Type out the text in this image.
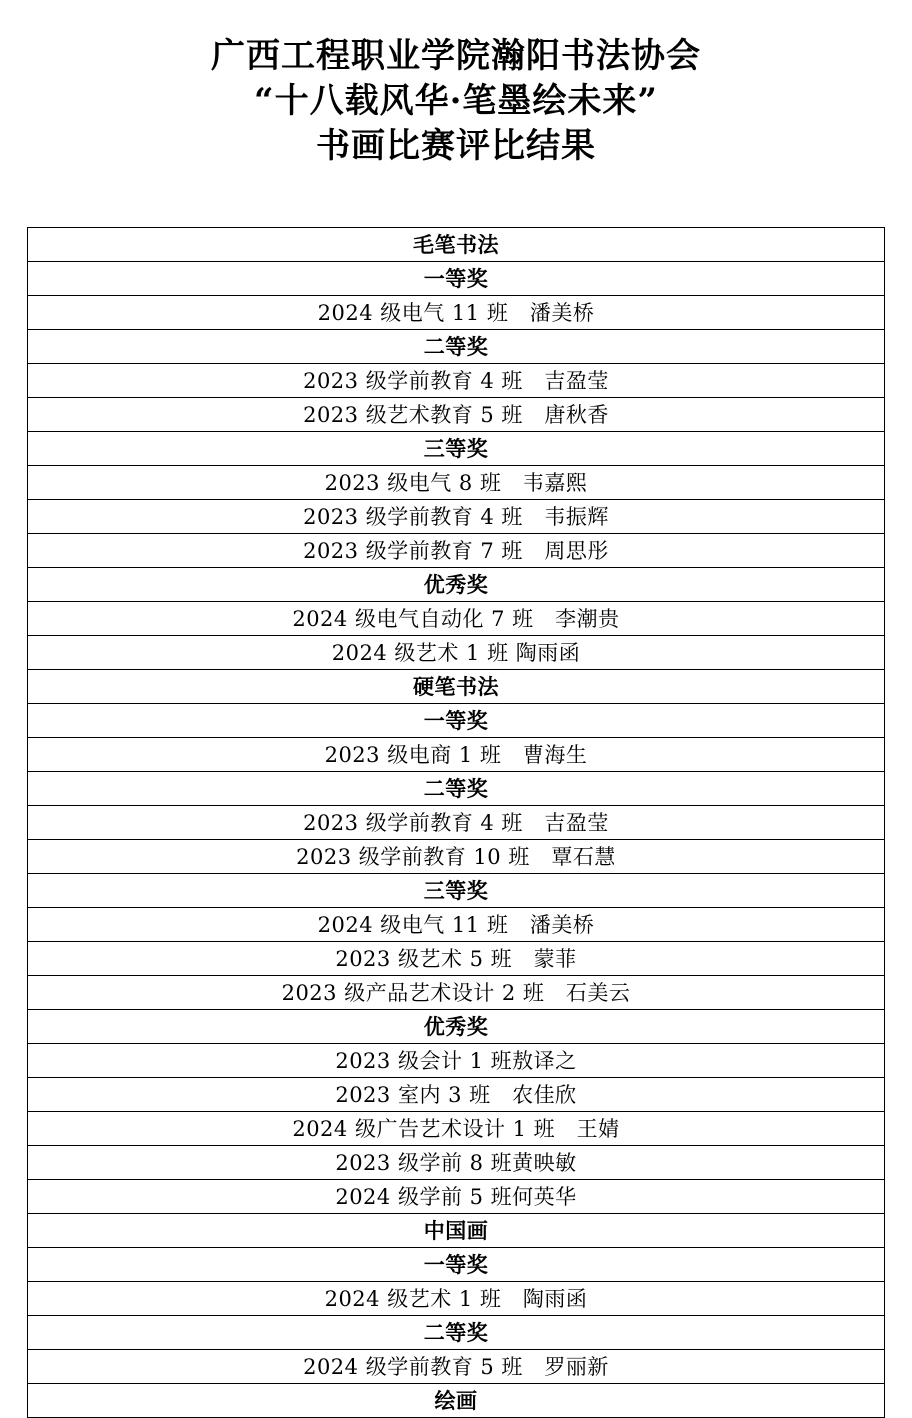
广西工程职业学院瀚阳书法协会
“十八载风华·笔墨绘未来”
书画比赛评比结果
毛笔书法
一等奖
2024 级电气 11 班　潘美桥
二等奖
2023 级学前教育 4 班　吉盈莹
2023 级艺术教育 5 班　唐秋香
三等奖
2023 级电气 8 班　韦嘉熙
2023 级学前教育 4 班　韦振辉
2023 级学前教育 7 班　周思彤
优秀奖
2024 级电气自动化 7 班　李潮贵
2024 级艺术 1 班 陶雨函
硬笔书法
一等奖
2023 级电商 1 班　曹海生
二等奖
2023 级学前教育 4 班　吉盈莹
2023 级学前教育 10 班　覃石慧
三等奖
2024 级电气 11 班　潘美桥
2023 级艺术 5 班　蒙菲
2023 级产品艺术设计 2 班　石美云
优秀奖
2023 级会计 1 班敖译之
2023 室内 3 班　农佳欣
2024 级广告艺术设计 1 班　王婧
2023 级学前 8 班黄映敏
2024 级学前 5 班何英华
中国画
一等奖
2024 级艺术 1 班　陶雨函
二等奖
2024 级学前教育 5 班　罗丽新
绘画
